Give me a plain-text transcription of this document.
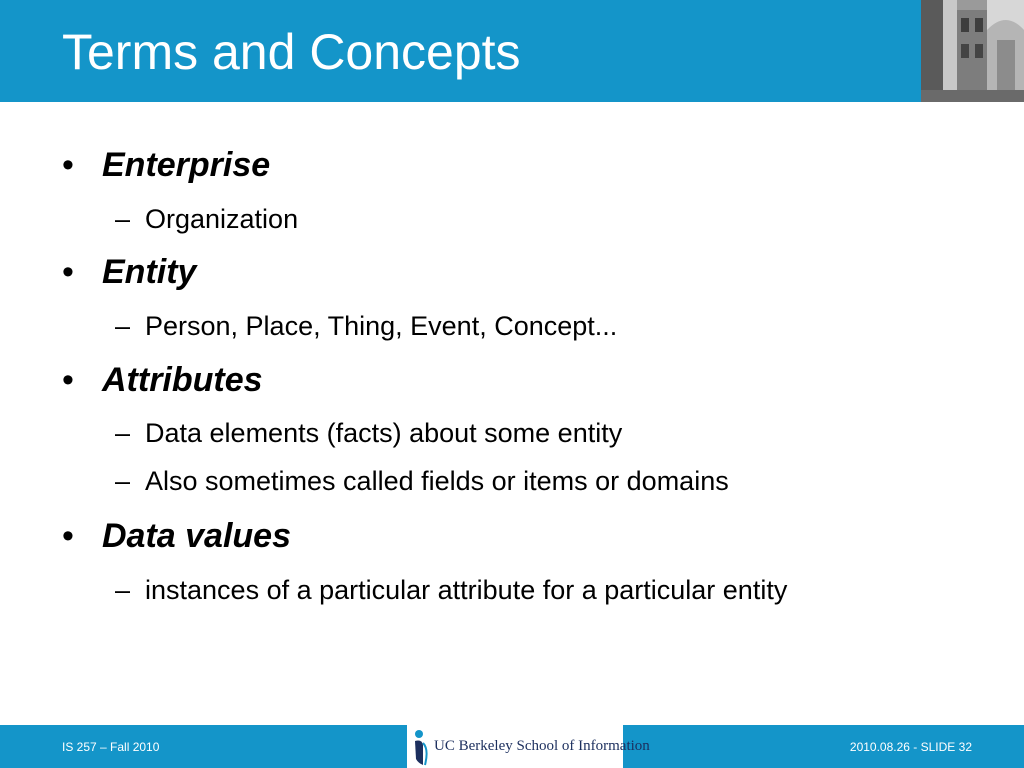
Terms and Concepts
• Enterprise
– Organization
• Entity
– Person, Place, Thing, Event, Concept...
• Attributes
– Data elements (facts) about some entity
– Also sometimes called fields or items or domains
• Data values
– instances of a particular attribute for a particular entity
IS 257 – Fall 2010	UC Berkeley School of Information	2010.08.26 - SLIDE 32
